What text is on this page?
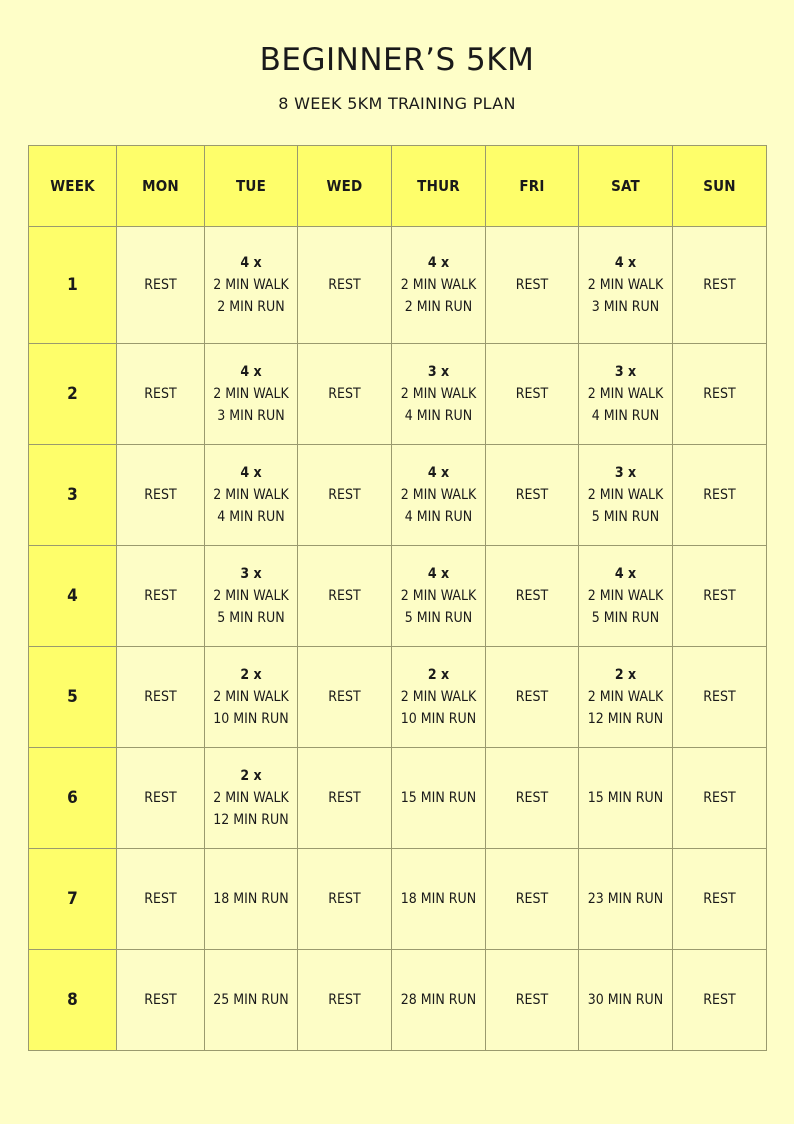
BEGINNER’S 5KM
8 WEEK 5KM TRAINING PLAN
WEEK	MON	TUE	WED	THUR	FRI	SAT	SUN
1	REST	4 x
2 MIN WALK
2 MIN RUN	REST	4 x
2 MIN WALK
2 MIN RUN	REST	4 x
2 MIN WALK
3 MIN RUN	REST

2	REST	4 x
2 MIN WALK
3 MIN RUN	REST	3 x
2 MIN WALK
4 MIN RUN	REST	3 x
2 MIN WALK
4 MIN RUN	REST

3	REST	4 x
2 MIN WALK
4 MIN RUN	REST	4 x
2 MIN WALK
4 MIN RUN	REST	3 x
2 MIN WALK
5 MIN RUN	REST

4	REST	3 x
2 MIN WALK
5 MIN RUN	REST	4 x
2 MIN WALK
5 MIN RUN	REST	4 x
2 MIN WALK
5 MIN RUN	REST

5	REST	2 x
2 MIN WALK
10 MIN RUN	REST	2 x
2 MIN WALK
10 MIN RUN	REST	2 x
2 MIN WALK
12 MIN RUN	REST

6	REST	2 x
2 MIN WALK
12 MIN RUN	REST	15 MIN RUN	REST	15 MIN RUN	REST

7	REST	18 MIN RUN	REST	18 MIN RUN	REST	23 MIN RUN	REST

8	REST	25 MIN RUN	REST	28 MIN RUN	REST	30 MIN RUN	REST
